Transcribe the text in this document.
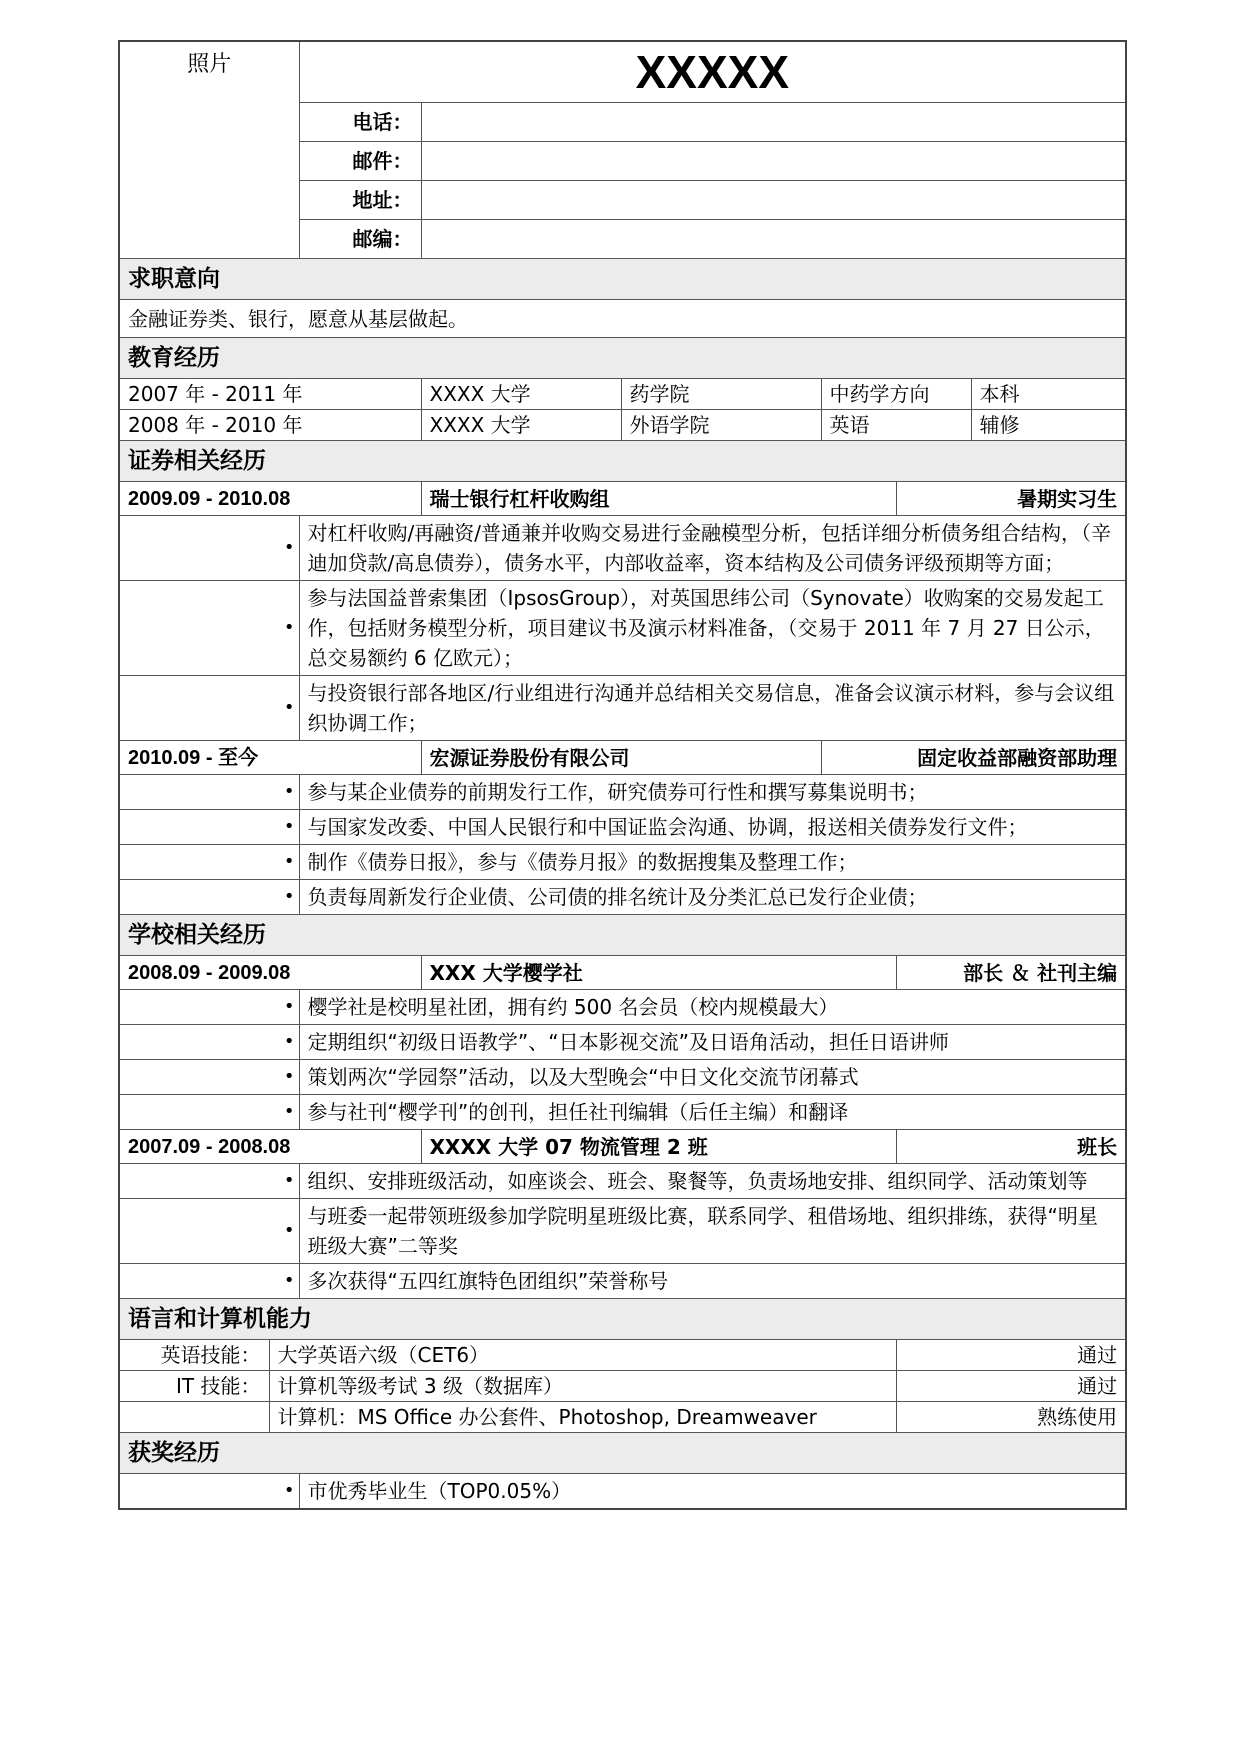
照片		XXXXX					
		电话：					
		邮件：					
		地址：					
		邮编：					
求职意向							
金融证券类、银行，愿意从基层做起。							
教育经历							
2007 年 - 2011 年			XXXX 大学	药学院	中药学方向		本科
2008 年 - 2010 年			XXXX 大学	外语学院	英语		辅修
证券相关经历							
2009.09 - 2010.08			瑞士银行杠杆收购组			暑期实习生	
•		对杠杆收购/再融资/普通兼并收购交易进行金融模型分析，包括详细分析债务组合结构，（辛迪加贷款/高息债券），债务水平，内部收益率，资本结构及公司债务评级预期等方面；					
•		参与法国益普索集团（IpsosGroup），对英国思纬公司（Synovate）收购案的交易发起工作，包括财务模型分析，项目建议书及演示材料准备，（交易于 2011 年 7 月 27 日公示，总交易额约 6 亿欧元）；					
•		与投资银行部各地区/行业组进行沟通并总结相关交易信息，准备会议演示材料，参与会议组织协调工作；					
2010.09 - 至今			宏源证券股份有限公司		固定收益部融资部助理		
•		参与某企业债券的前期发行工作，研究债券可行性和撰写募集说明书；					
•		与国家发改委、中国人民银行和中国证监会沟通、协调，报送相关债券发行文件；					
•		制作《债券日报》，参与《债券月报》的数据搜集及整理工作；					
•		负责每周新发行企业债、公司债的排名统计及分类汇总已发行企业债；					
学校相关经历							
2008.09 - 2009.08			XXX 大学樱学社			部长 ＆ 社刊主编	
•		樱学社是校明星社团，拥有约 500 名会员（校内规模最大）					
•		定期组织“初级日语教学”、“日本影视交流”及日语角活动，担任日语讲师					
•		策划两次“学园祭”活动，以及大型晚会“中日文化交流节闭幕式					
•		参与社刊“樱学刊”的创刊，担任社刊编辑（后任主编）和翻译					
2007.09 - 2008.08			XXXX 大学 07 物流管理 2 班			班长	
•		组织、安排班级活动，如座谈会、班会、聚餐等，负责场地安排、组织同学、活动策划等					
•		与班委一起带领班级参加学院明星班级比赛，联系同学、租借场地、组织排练，获得“明星班级大赛”二等奖					
•		多次获得“五四红旗特色团组织”荣誉称号					
语言和计算机能力							
英语技能：	大学英语六级（CET6）					通过	
IT 技能：	计算机等级考试 3 级（数据库）					通过	
	计算机：MS Office 办公套件、Photoshop, Dreamweaver					熟练使用	
获奖经历							
•		市优秀毕业生（TOP0.05%）					
